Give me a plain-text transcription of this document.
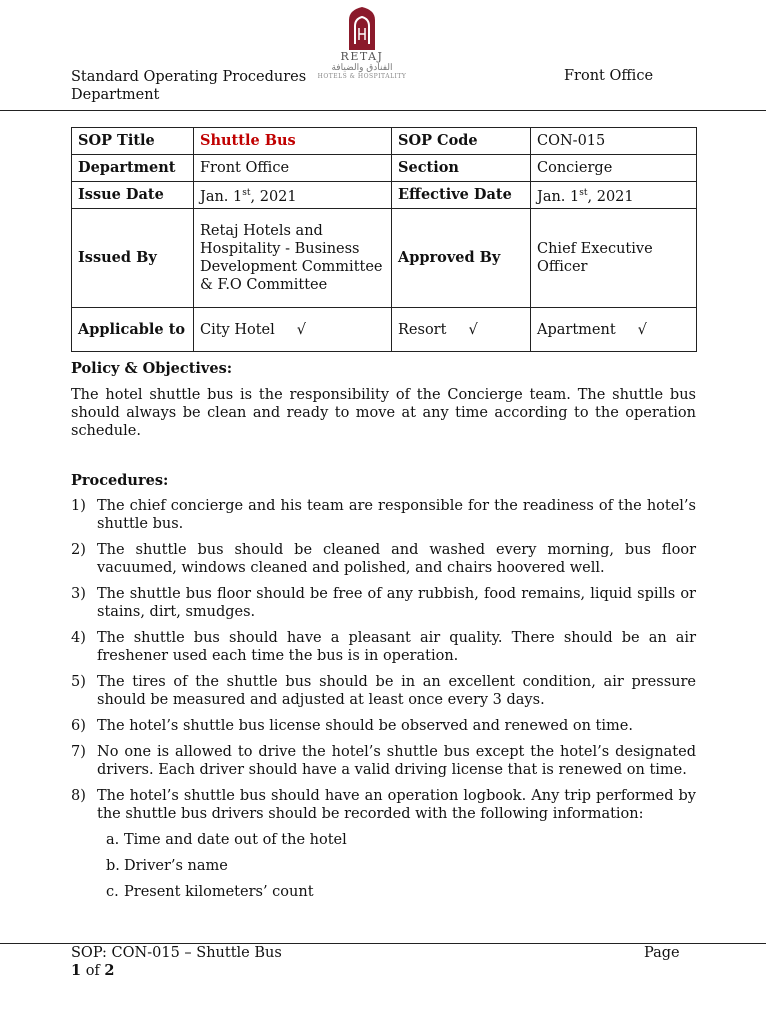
RETAJ
الفنادق والضيافة
HOTELS & HOSPITALITY
Standard Operating Procedures
Department
Front Office
SOP Title	Shuttle Bus	SOP Code	CON-015
Department	Front Office	Section	Concierge
Issue Date	Jan. 1st, 2021	Effective Date	Jan. 1st, 2021
Issued By	Retaj Hotels and Hospitality - Business Development Committee & F.O Committee	Approved By	Chief Executive Officer
Applicable to	City Hotel √	Resort √	Apartment √
Policy & Objectives:

The hotel shuttle bus is the responsibility of the Concierge team. The shuttle bus should always be clean and ready to move at any time according to the operation schedule.

Procedures:
1) The chief concierge and his team are responsible for the readiness of the hotel’s shuttle bus.
2) The shuttle bus should be cleaned and washed every morning, bus floor vacuumed, windows cleaned and polished, and chairs hoovered well.
3) The shuttle bus floor should be free of any rubbish, food remains, liquid spills or stains, dirt, smudges.
4) The shuttle bus should have a pleasant air quality. There should be an air freshener used each time the bus is in operation.
5) The tires of the shuttle bus should be in an excellent condition, air pressure should be measured and adjusted at least once every 3 days.
6) The hotel’s shuttle bus license should be observed and renewed on time.
7) No one is allowed to drive the hotel’s shuttle bus except the hotel’s designated drivers. Each driver should have a valid driving license that is renewed on time.
8) The hotel’s shuttle bus should have an operation logbook. Any trip performed by the shuttle bus drivers should be recorded with the following information:
a. Time and date out of the hotel
b. Driver’s name
c. Present kilometers’ count
SOP: CON-015 – Shuttle Bus
1 of 2
Page
